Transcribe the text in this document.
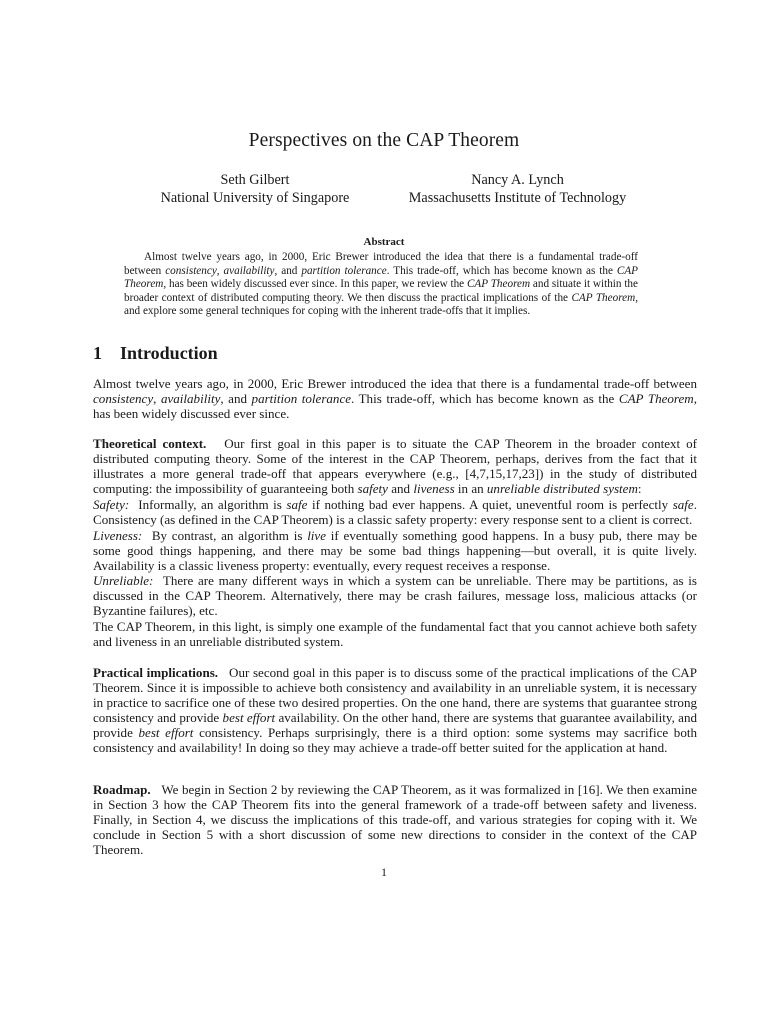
Perspectives on the CAP Theorem
Seth Gilbert
National University of Singapore
Nancy A. Lynch
Massachusetts Institute of Technology
Abstract
Almost twelve years ago, in 2000, Eric Brewer introduced the idea that there is a fundamental trade-off between consistency, availability, and partition tolerance. This trade-off, which has become known as the CAP Theorem, has been widely discussed ever since. In this paper, we review the CAP Theorem and situate it within the broader context of distributed computing theory. We then discuss the practical implications of the CAP Theorem, and explore some general techniques for coping with the inherent trade-offs that it implies.
1 Introduction
Almost twelve years ago, in 2000, Eric Brewer introduced the idea that there is a fundamental trade-off between consistency, availability, and partition tolerance. This trade-off, which has become known as the CAP Theorem, has been widely discussed ever since.
Theoretical context.   Our first goal in this paper is to situate the CAP Theorem in the broader context of distributed computing theory. Some of the interest in the CAP Theorem, perhaps, derives from the fact that it illustrates a more general trade-off that appears everywhere (e.g., [4,7,15,17,23]) in the study of distributed computing: the impossibility of guaranteeing both safety and liveness in an unreliable distributed system:
Safety:  Informally, an algorithm is safe if nothing bad ever happens. A quiet, uneventful room is perfectly safe. Consistency (as defined in the CAP Theorem) is a classic safety property: every response sent to a client is correct.
Liveness:  By contrast, an algorithm is live if eventually something good happens. In a busy pub, there may be some good things happening, and there may be some bad things happening—but overall, it is quite lively. Availability is a classic liveness property: eventually, every request receives a response.
Unreliable:  There are many different ways in which a system can be unreliable. There may be partitions, as is discussed in the CAP Theorem. Alternatively, there may be crash failures, message loss, malicious attacks (or Byzantine failures), etc.
The CAP Theorem, in this light, is simply one example of the fundamental fact that you cannot achieve both safety and liveness in an unreliable distributed system.
Practical implications.   Our second goal in this paper is to discuss some of the practical implications of the CAP Theorem. Since it is impossible to achieve both consistency and availability in an unreliable system, it is necessary in practice to sacrifice one of these two desired properties. On the one hand, there are systems that guarantee strong consistency and provide best effort availability. On the other hand, there are systems that guarantee availability, and provide best effort consistency. Perhaps surprisingly, there is a third option: some systems may sacrifice both consistency and availability! In doing so they may achieve a trade-off better suited for the application at hand.
Roadmap.   We begin in Section 2 by reviewing the CAP Theorem, as it was formalized in [16]. We then examine in Section 3 how the CAP Theorem fits into the general framework of a trade-off between safety and liveness. Finally, in Section 4, we discuss the implications of this trade-off, and various strategies for coping with it. We conclude in Section 5 with a short discussion of some new directions to consider in the context of the CAP Theorem.
1
